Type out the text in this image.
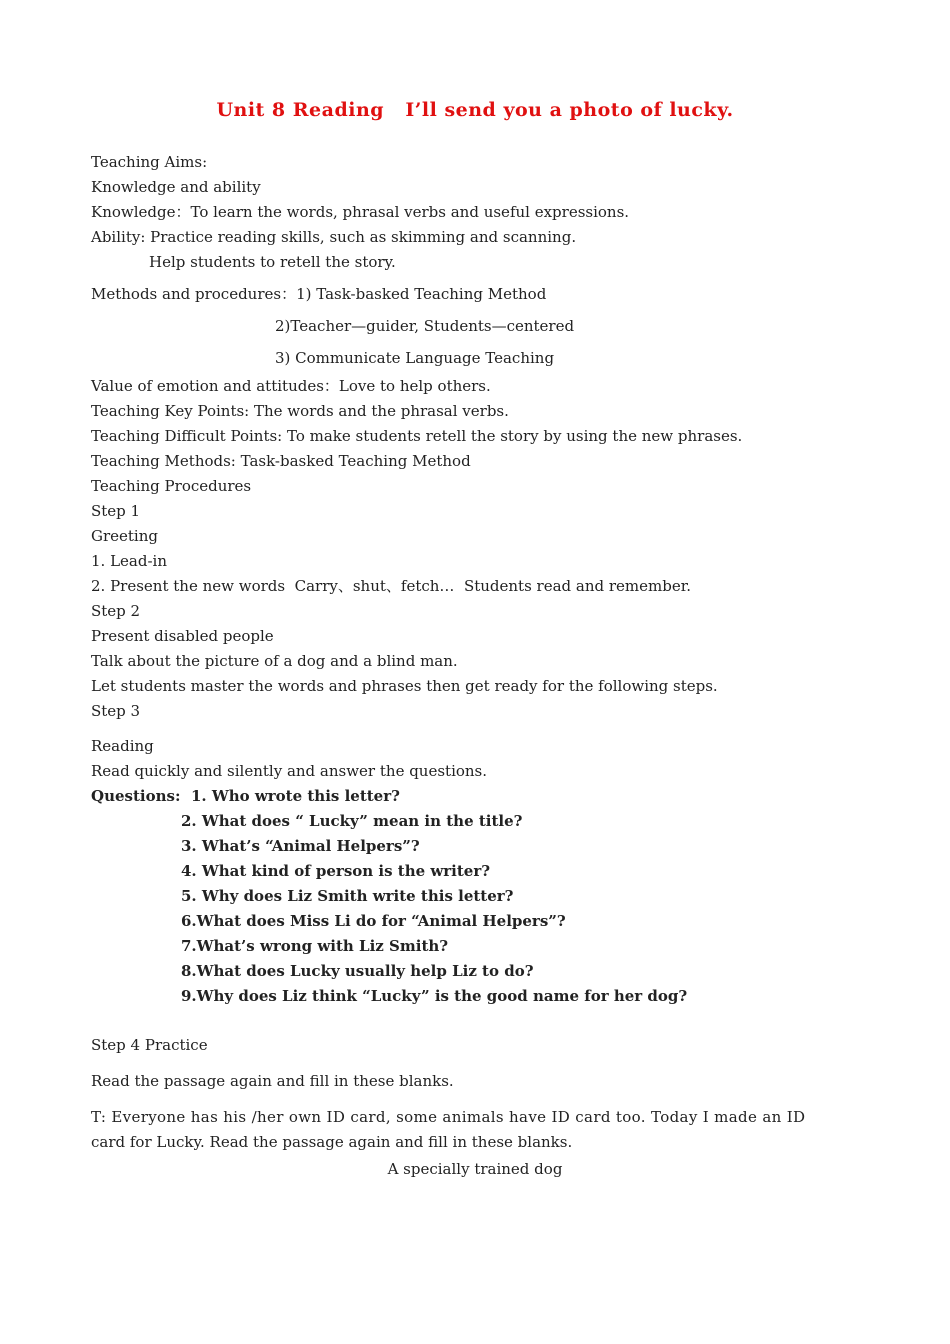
Unit 8 Reading   I’ll send you a photo of lucky.
Teaching Aims:
Knowledge and ability
Knowledge：To learn the words, phrasal verbs and useful expressions.
Ability: Practice reading skills, such as skimming and scanning.
Help students to retell the story.
Methods and procedures：1) Task-basked Teaching Method
2)Teacher—guider, Students—centered
3) Communicate Language Teaching
Value of emotion and attitudes：Love to help others.
Teaching Key Points: The words and the phrasal verbs.
Teaching Difficult Points: To make students retell the story by using the new phrases.
Teaching Methods: Task-basked Teaching Method
Teaching Procedures
Step 1
Greeting
1. Lead-in
2. Present the new words  Carry、shut、fetch…  Students read and remember.
Step 2
Present disabled people
Talk about the picture of a dog and a blind man.
Let students master the words and phrases then get ready for the following steps.
Step 3
Reading
Read quickly and silently and answer the questions.
Questions: 1. Who wrote this letter?
2. What does “ Lucky” mean in the title?
3. What’s “Animal Helpers”?
4. What kind of person is the writer?
5. Why does Liz Smith write this letter?
6.What does Miss Li do for “Animal Helpers”?
7.What’s wrong with Liz Smith?
8.What does Lucky usually help Liz to do?
9.Why does Liz think “Lucky” is the good name for her dog?
Step 4 Practice
Read the passage again and fill in these blanks.
T: Everyone has his /her own ID card, some animals have ID card too. Today I made an ID
card for Lucky. Read the passage again and fill in these blanks.
A specially trained dog
